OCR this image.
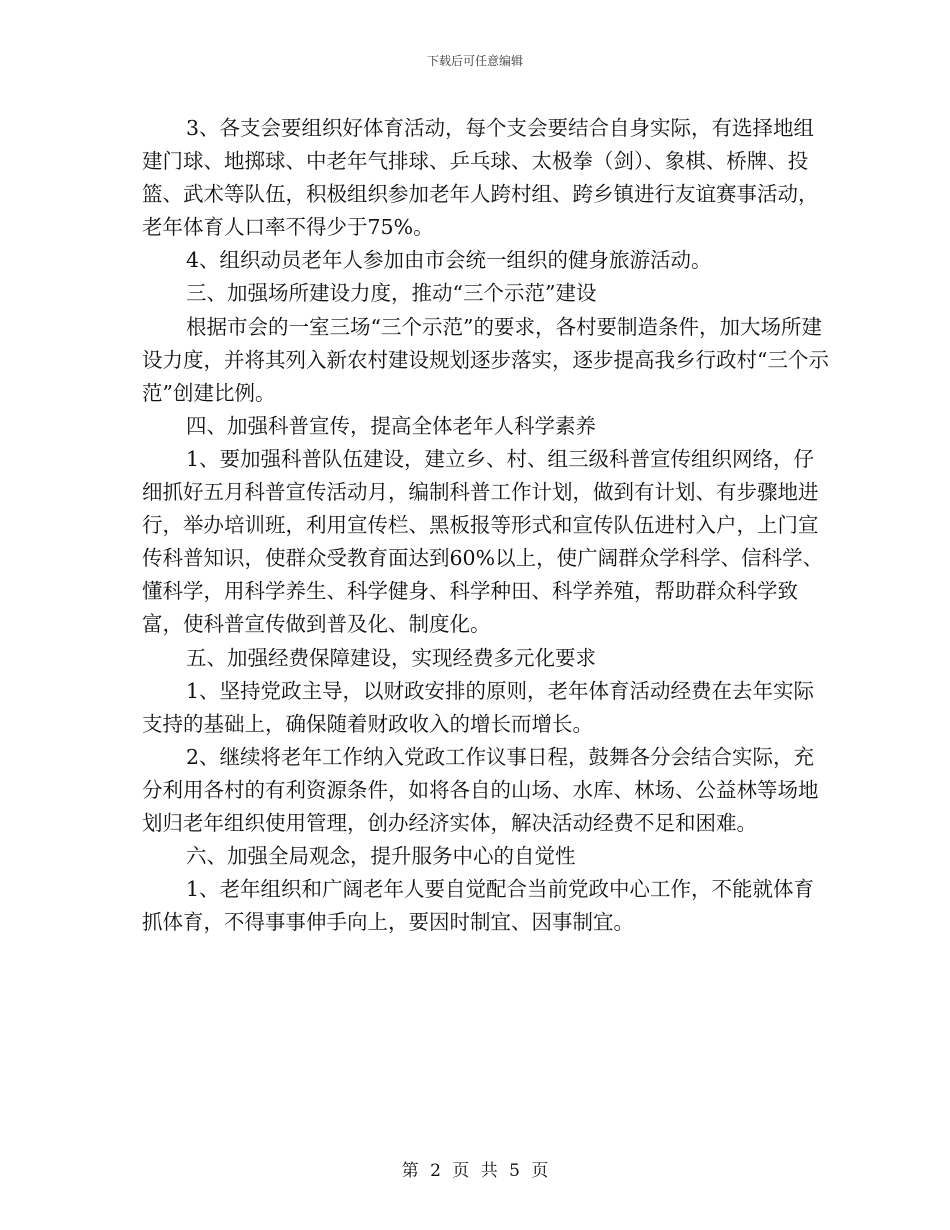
下载后可任意编辑

3、各支会要组织好体育活动，每个支会要结合自身实际，有选择地组建门球、地掷球、中老年气排球、乒乓球、太极拳（剑）、象棋、桥牌、投篮、武术等队伍，积极组织参加老年人跨村组、跨乡镇进行友谊赛事活动，老年体育人口率不得少于75%。

4、组织动员老年人参加由市会统一组织的健身旅游活动。

三、加强场所建设力度，推动“三个示范”建设

根据市会的一室三场“三个示范”的要求，各村要制造条件，加大场所建设力度，并将其列入新农村建设规划逐步落实，逐步提高我乡行政村“三个示范”创建比例。

四、加强科普宣传，提高全体老年人科学素养

1、要加强科普队伍建设，建立乡、村、组三级科普宣传组织网络，仔细抓好五月科普宣传活动月，编制科普工作计划，做到有计划、有步骤地进行，举办培训班，利用宣传栏、黑板报等形式和宣传队伍进村入户，上门宣传科普知识，使群众受教育面达到60%以上，使广阔群众学科学、信科学、懂科学，用科学养生、科学健身、科学种田、科学养殖，帮助群众科学致富，使科普宣传做到普及化、制度化。

五、加强经费保障建设，实现经费多元化要求

1、坚持党政主导，以财政安排的原则，老年体育活动经费在去年实际支持的基础上，确保随着财政收入的增长而增长。

2、继续将老年工作纳入党政工作议事日程，鼓舞各分会结合实际，充分利用各村的有利资源条件，如将各自的山场、水库、林场、公益林等场地划归老年组织使用管理，创办经济实体，解决活动经费不足和困难。

六、加强全局观念，提升服务中心的自觉性

1、老年组织和广阔老年人要自觉配合当前党政中心工作，不能就体育抓体育，不得事事伸手向上，要因时制宜、因事制宜。

第 2 页 共 5 页
